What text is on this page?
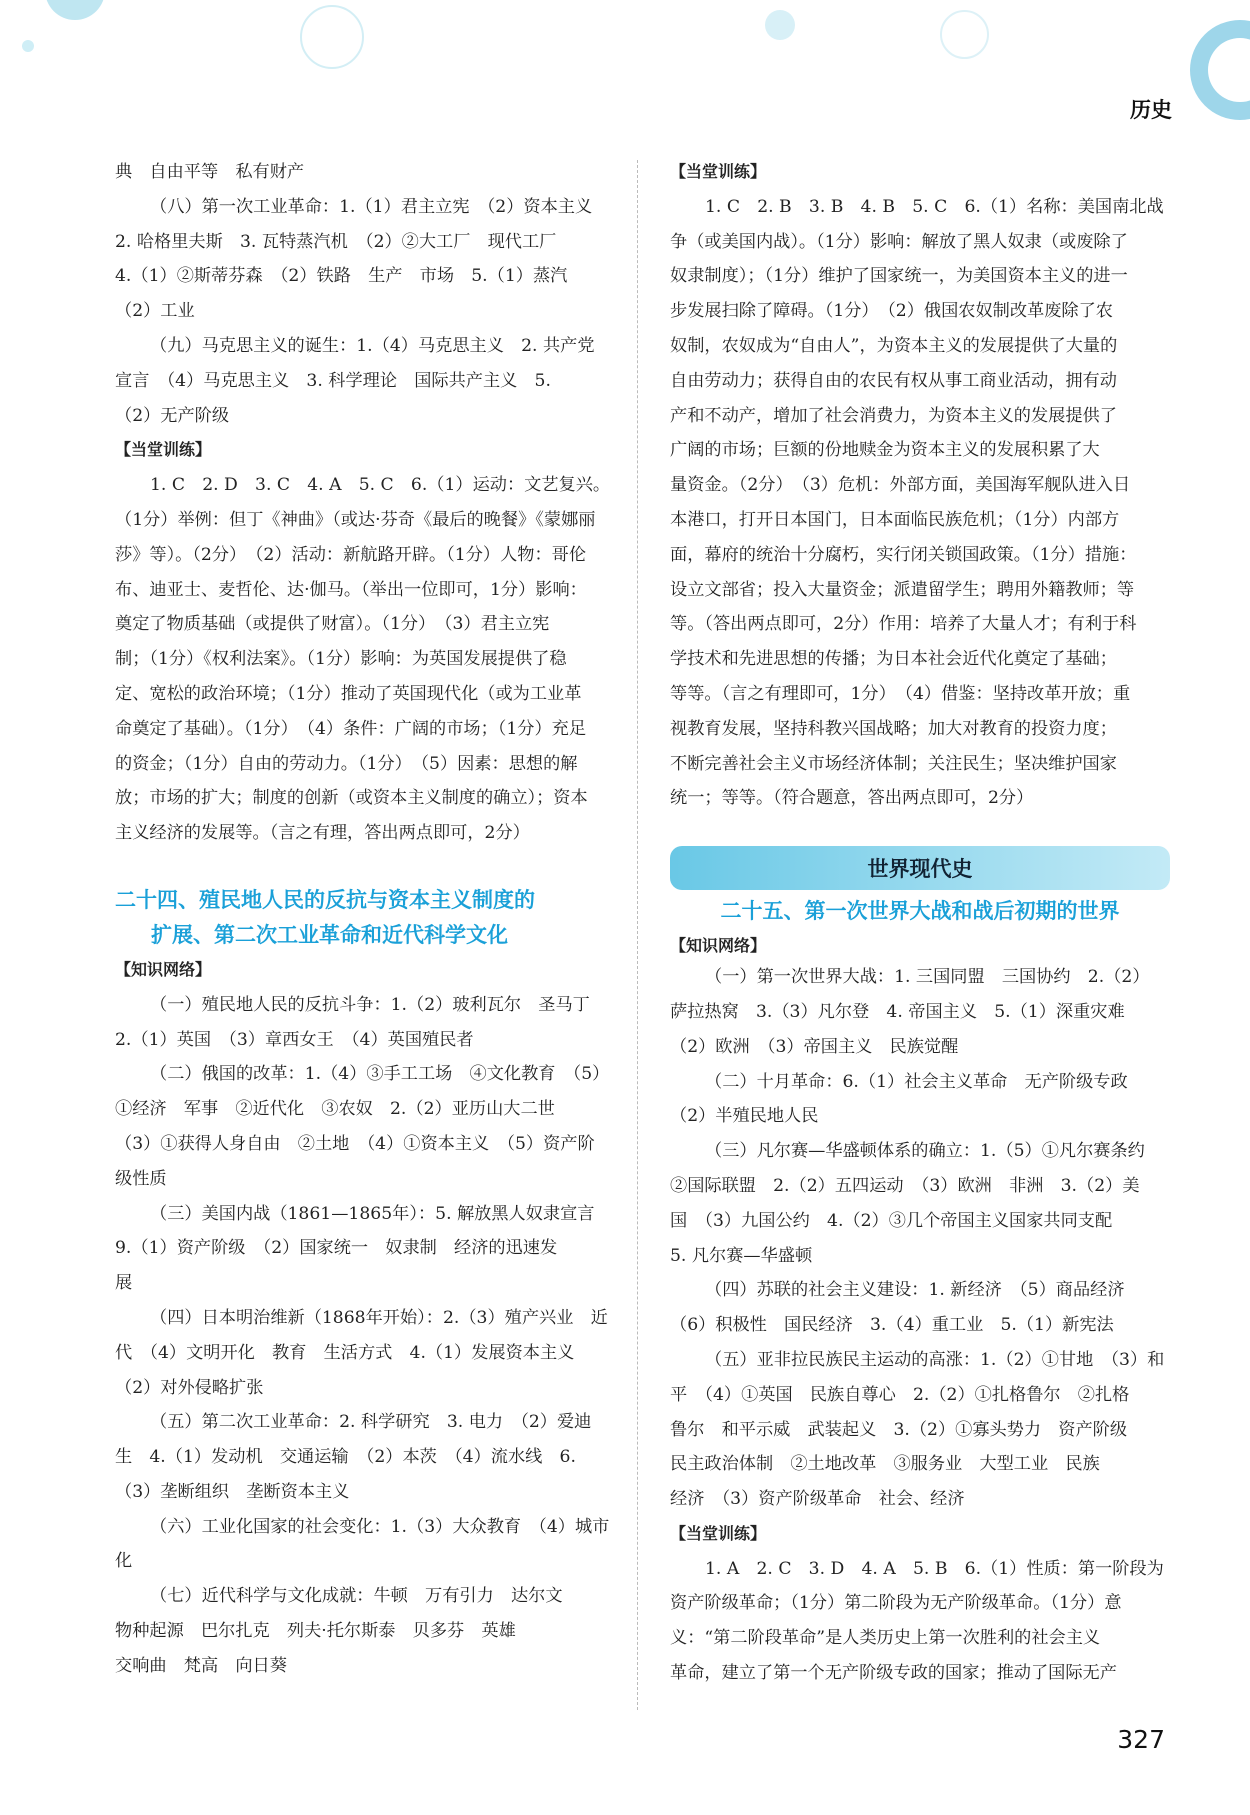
历史

典　自由平等　私有财产

（八）第一次工业革命：1.（1）君主立宪　（2）资本主义

2. 哈格里夫斯　3. 瓦特蒸汽机　（2）②大工厂　现代工厂

4.（1）②斯蒂芬森　（2）铁路　生产　市场　5.（1）蒸汽

（2）工业

（九）马克思主义的诞生：1.（4）马克思主义　2. 共产党

宣言　（4）马克思主义　3. 科学理论　国际共产主义　5.

（2）无产阶级

【当堂训练】

1. C　2. D　3. C　4. A　5. C　6.（1）运动：文艺复兴。

（1分）举例：但丁《神曲》（或达·芬奇《最后的晚餐》《蒙娜丽

莎》等）。（2分）　（2）活动：新航路开辟。（1分）人物：哥伦

布、迪亚士、麦哲伦、达·伽马。（举出一位即可，1分）影响：

奠定了物质基础（或提供了财富）。（1分）　（3）君主立宪

制；（1分）《权利法案》。（1分）影响：为英国发展提供了稳

定、宽松的政治环境；（1分）推动了英国现代化（或为工业革

命奠定了基础）。（1分）　（4）条件：广阔的市场；（1分）充足

的资金；（1分）自由的劳动力。（1分）　（5）因素：思想的解

放；市场的扩大；制度的创新（或资本主义制度的确立）；资本

主义经济的发展等。（言之有理，答出两点即可，2分）

二十四、殖民地人民的反抗与资本主义制度的
扩展、第二次工业革命和近代科学文化

【知识网络】

（一）殖民地人民的反抗斗争：1.（2）玻利瓦尔　圣马丁

2.（1）英国　（3）章西女王　（4）英国殖民者

（二）俄国的改革：1.（4）③手工工场　④文化教育　（5）

①经济　军事　②近代化　③农奴　2.（2）亚历山大二世

（3）①获得人身自由　②土地　（4）①资本主义　（5）资产阶

级性质

（三）美国内战（1861—1865年）：5. 解放黑人奴隶宣言

9.（1）资产阶级　（2）国家统一　奴隶制　经济的迅速发

展

（四）日本明治维新（1868年开始）：2.（3）殖产兴业　近

代　（4）文明开化　教育　生活方式　4.（1）发展资本主义

（2）对外侵略扩张

（五）第二次工业革命：2. 科学研究　3. 电力　（2）爱迪

生　4.（1）发动机　交通运输　（2）本茨　（4）流水线　6.

（3）垄断组织　垄断资本主义

（六）工业化国家的社会变化：1.（3）大众教育　（4）城市

化

（七）近代科学与文化成就：牛顿　万有引力　达尔文

物种起源　巴尔扎克　列夫·托尔斯泰　贝多芬　英雄

交响曲　梵高　向日葵

【当堂训练】

1. C　2. B　3. B　4. B　5. C　6.（1）名称：美国南北战

争（或美国内战）。（1分）影响：解放了黑人奴隶（或废除了

奴隶制度）；（1分）维护了国家统一，为美国资本主义的进一

步发展扫除了障碍。（1分）　（2）俄国农奴制改革废除了农

奴制，农奴成为“自由人”，为资本主义的发展提供了大量的

自由劳动力；获得自由的农民有权从事工商业活动，拥有动

产和不动产，增加了社会消费力，为资本主义的发展提供了

广阔的市场；巨额的份地赎金为资本主义的发展积累了大

量资金。（2分）　（3）危机：外部方面，美国海军舰队进入日

本港口，打开日本国门，日本面临民族危机；（1分）内部方

面，幕府的统治十分腐朽，实行闭关锁国政策。（1分）措施：

设立文部省；投入大量资金；派遣留学生；聘用外籍教师；等

等。（答出两点即可，2分）作用：培养了大量人才；有利于科

学技术和先进思想的传播；为日本社会近代化奠定了基础；

等等。（言之有理即可，1分）　（4）借鉴：坚持改革开放；重

视教育发展，坚持科教兴国战略；加大对教育的投资力度；

不断完善社会主义市场经济体制；关注民生；坚决维护国家

统一；等等。（符合题意，答出两点即可，2分）

世界现代史
二十五、第一次世界大战和战后初期的世界

【知识网络】

（一）第一次世界大战：1. 三国同盟　三国协约　2.（2）

萨拉热窝　3.（3）凡尔登　4. 帝国主义　5.（1）深重灾难

（2）欧洲　（3）帝国主义　民族觉醒

（二）十月革命：6.（1）社会主义革命　无产阶级专政

（2）半殖民地人民

（三）凡尔赛—华盛顿体系的确立：1.（5）①凡尔赛条约

②国际联盟　2.（2）五四运动　（3）欧洲　非洲　3.（2）美

国　（3）九国公约　4.（2）③几个帝国主义国家共同支配

5. 凡尔赛—华盛顿

（四）苏联的社会主义建设：1. 新经济　（5）商品经济

（6）积极性　国民经济　3.（4）重工业　5.（1）新宪法

（五）亚非拉民族民主运动的高涨：1.（2）①甘地　（3）和

平　（4）①英国　民族自尊心　2.（2）①扎格鲁尔　②扎格

鲁尔　和平示威　武装起义　3.（2）①寡头势力　资产阶级

民主政治体制　②土地改革　③服务业　大型工业　民族

经济　（3）资产阶级革命　社会、经济

【当堂训练】

1. A　2. C　3. D　4. A　5. B　6.（1）性质：第一阶段为

资产阶级革命；（1分）第二阶段为无产阶级革命。（1分）意

义：“第二阶段革命”是人类历史上第一次胜利的社会主义

革命，建立了第一个无产阶级专政的国家；推动了国际无产

327
